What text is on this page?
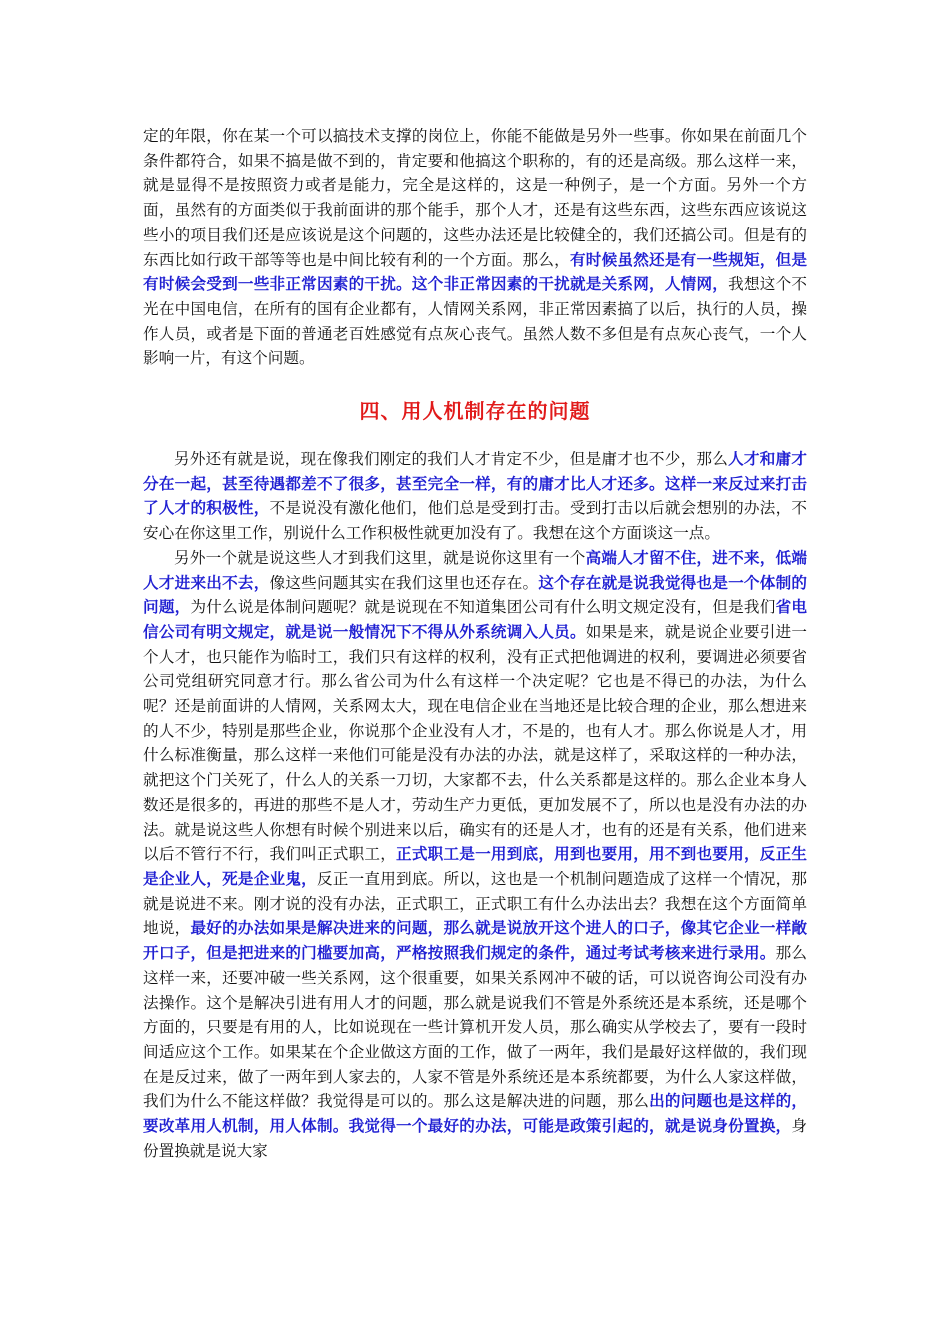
定的年限，你在某一个可以搞技术支撑的岗位上，你能不能做是另外一些事。你如果在前面几个条件都符合，如果不搞是做不到的，肯定要和他搞这个职称的，有的还是高级。那么这样一来，就是显得不是按照资力或者是能力，完全是这样的，这是一种例子，是一个方面。另外一个方面，虽然有的方面类似于我前面讲的那个能手，那个人才，还是有这些东西，这些东西应该说这些小的项目我们还是应该说是这个问题的，这些办法还是比较健全的，我们还搞公司。但是有的东西比如行政干部等等也是中间比较有利的一个方面。那么，有时候虽然还是有一些规矩，但是有时候会受到一些非正常因素的干扰。这个非正常因素的干扰就是关系网，人情网，我想这个不光在中国电信，在所有的国有企业都有，人情网关系网，非正常因素搞了以后，执行的人员，操作人员，或者是下面的普通老百姓感觉有点灰心丧气。虽然人数不多但是有点灰心丧气，一个人影响一片，有这个问题。

四、用人机制存在的问题

另外还有就是说，现在像我们刚定的我们人才肯定不少，但是庸才也不少，那么人才和庸才分在一起，甚至待遇都差不了很多，甚至完全一样，有的庸才比人才还多。这样一来反过来打击了人才的积极性，不是说没有激化他们，他们总是受到打击。受到打击以后就会想别的办法，不安心在你这里工作，别说什么工作积极性就更加没有了。我想在这个方面谈这一点。

另外一个就是说这些人才到我们这里，就是说你这里有一个高端人才留不住，进不来，低端人才进来出不去，像这些问题其实在我们这里也还存在。这个存在就是说我觉得也是一个体制的问题，为什么说是体制问题呢？就是说现在不知道集团公司有什么明文规定没有，但是我们省电信公司有明文规定，就是说一般情况下不得从外系统调入人员。如果是来，就是说企业要引进一个人才，也只能作为临时工，我们只有这样的权利，没有正式把他调进的权利，要调进必须要省公司党组研究同意才行。那么省公司为什么有这样一个决定呢？它也是不得已的办法，为什么呢？还是前面讲的人情网，关系网太大，现在电信企业在当地还是比较合理的企业，那么想进来的人不少，特别是那些企业，你说那个企业没有人才，不是的，也有人才。那么你说是人才，用什么标准衡量，那么这样一来他们可能是没有办法的办法，就是这样了，采取这样的一种办法，就把这个门关死了，什么人的关系一刀切，大家都不去，什么关系都是这样的。那么企业本身人数还是很多的，再进的那些不是人才，劳动生产力更低，更加发展不了，所以也是没有办法的办法。就是说这些人你想有时候个别进来以后，确实有的还是人才，也有的还是有关系，他们进来以后不管行不行，我们叫正式职工，正式职工是一用到底，用到也要用，用不到也要用，反正生是企业人，死是企业鬼，反正一直用到底。所以，这也是一个机制问题造成了这样一个情况，那就是说进不来。刚才说的没有办法，正式职工，正式职工有什么办法出去？我想在这个方面简单地说，最好的办法如果是解决进来的问题，那么就是说放开这个进人的口子，像其它企业一样敞开口子，但是把进来的门槛要加高，严格按照我们规定的条件，通过考试考核来进行录用。那么这样一来，还要冲破一些关系网，这个很重要，如果关系网冲不破的话，可以说咨询公司没有办法操作。这个是解决引进有用人才的问题，那么就是说我们不管是外系统还是本系统，还是哪个方面的，只要是有用的人，比如说现在一些计算机开发人员，那么确实从学校去了，要有一段时间适应这个工作。如果某在个企业做这方面的工作，做了一两年，我们是最好这样做的，我们现在是反过来，做了一两年到人家去的，人家不管是外系统还是本系统都要，为什么人家这样做，我们为什么不能这样做？我觉得是可以的。那么这是解决进的问题，那么出的问题也是这样的，要改革用人机制，用人体制。我觉得一个最好的办法，可能是政策引起的，就是说身份置换，身份置换就是说大家
